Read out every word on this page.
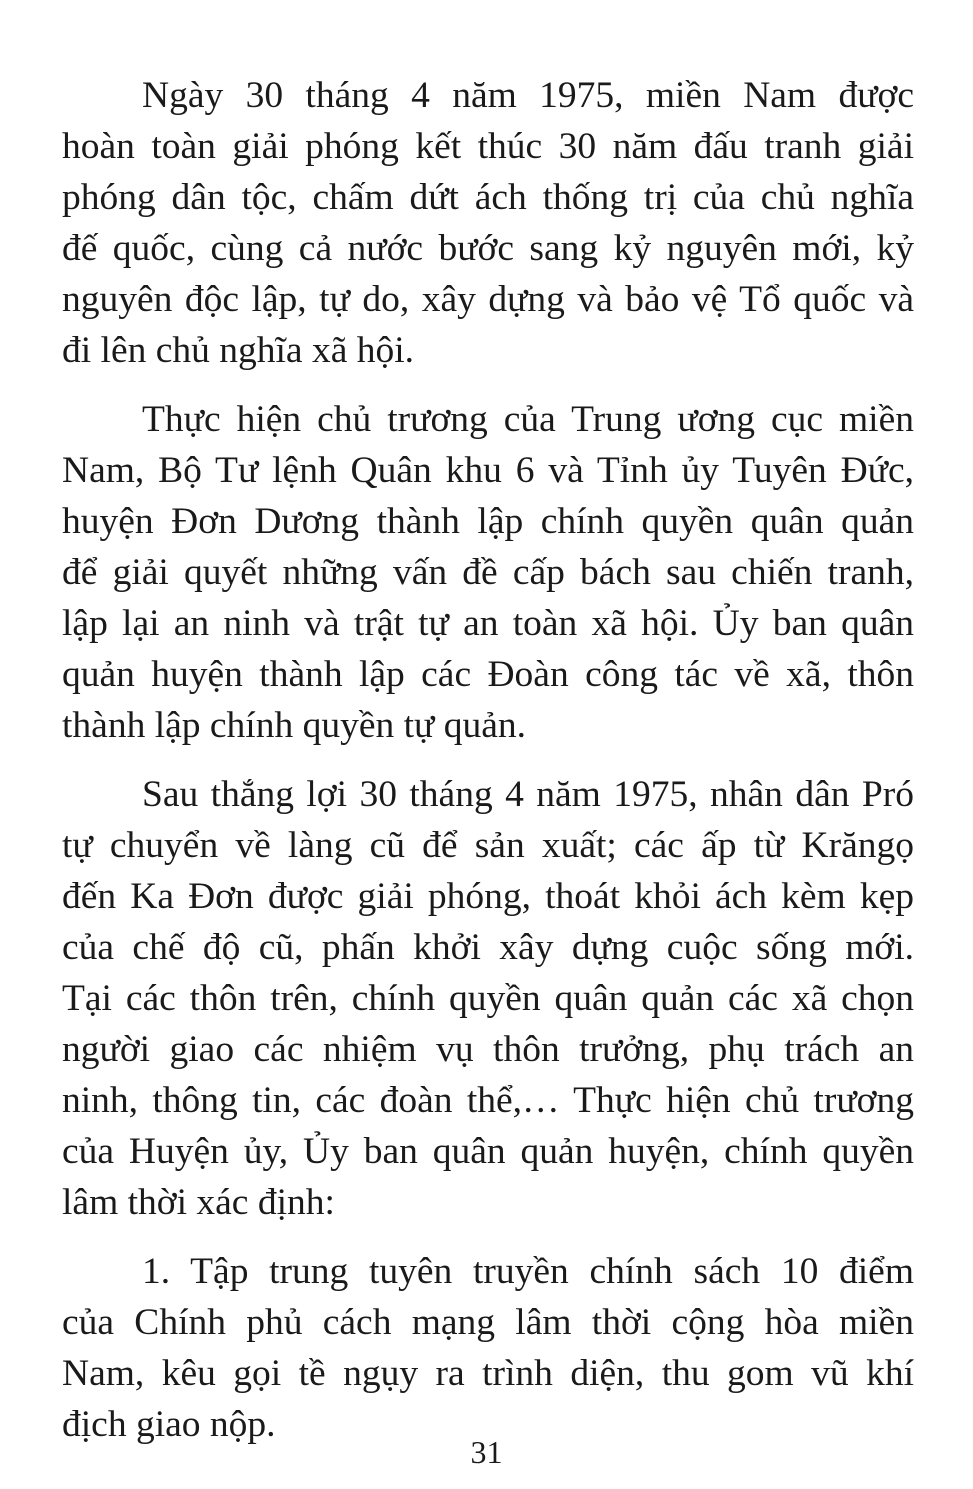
Ngày 30 tháng 4 năm 1975, miền Nam được
hoàn toàn giải phóng kết thúc 30 năm đấu tranh giải
phóng dân tộc, chấm dứt ách thống trị của chủ nghĩa
đế quốc, cùng cả nước bước sang kỷ nguyên mới, kỷ
nguyên độc lập, tự do, xây dựng và bảo vệ Tổ quốc và
đi lên chủ nghĩa xã hội.

Thực hiện chủ trương của Trung ương cục miền
Nam, Bộ Tư lệnh Quân khu 6 và Tỉnh ủy Tuyên Đức,
huyện Đơn Dương thành lập chính quyền quân quản
để giải quyết những vấn đề cấp bách sau chiến tranh,
lập lại an ninh và trật tự an toàn xã hội. Ủy ban quân
quản huyện thành lập các Đoàn công tác về xã, thôn
thành lập chính quyền tự quản.

Sau thắng lợi 30 tháng 4 năm 1975, nhân dân Pró
tự chuyển về làng cũ để sản xuất; các ấp từ Krăngọ
đến Ka Đơn được giải phóng, thoát khỏi ách kèm kẹp
của chế độ cũ, phấn khởi xây dựng cuộc sống mới.
Tại các thôn trên, chính quyền quân quản các xã chọn
người giao các nhiệm vụ thôn trưởng, phụ trách an
ninh, thông tin, các đoàn thể,… Thực hiện chủ trương
của Huyện ủy, Ủy ban quân quản huyện, chính quyền
lâm thời xác định:

1. Tập trung tuyên truyền chính sách 10 điểm
của Chính phủ cách mạng lâm thời cộng hòa miền
Nam, kêu gọi tề ngụy ra trình diện, thu gom vũ khí
địch giao nộp.

31
